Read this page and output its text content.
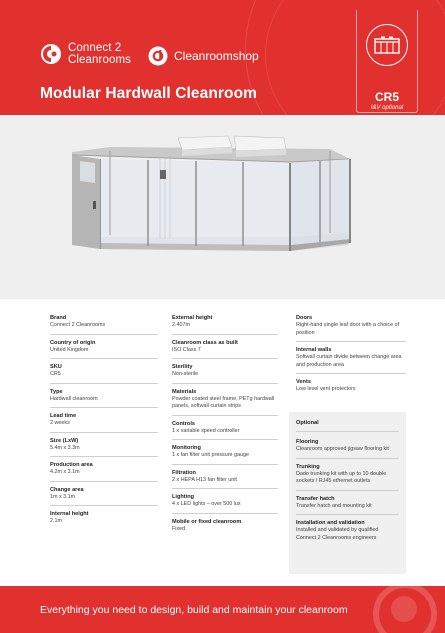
Connect 2
Cleanrooms	Cleanroomshop
Modular Hardwall Cleanroom	CR5
I&V optional
Brand
Connect 2 Cleanrooms
Country of origin
United Kingdom
SKU
CR5
Type
Hardwall cleanroom
Lead time
2 weeks
Size (LxW)
5.4m x 3.3m
Production area
4.2m x 3.1m
Change area
1m x 3.1m
Internal height
2.1m
External height
2.407m
Cleanroom class as built
ISO Class 7
Sterility
Non-sterile
Materials
Powder coated steel frame, PETg hardwall panels, softwall curtain strips
Controls
1 x variable speed controller
Monitoring
1 x fan filter unit pressure gauge
Filtration
2 x HEPA H13 fan filter unit
Lighting
4 x LED lights – over 500 lux
Mobile or fixed cleanroom
Fixed
Doors
Right-hand single leaf door with a choice of position
Internal walls
Softwall curtain divide between change area and production area
Vents
Low level vent protectors
Optional
Flooring
Cleanroom approved jigsaw flooring kit
Trunking
Dado trunking kit with up to 10 double sockets / RJ45 ethernet outlets
Transfer hatch
Transfer hatch and mounting kit
Installation and validation
Installed and validated by qualified Connect 2 Cleanrooms engineers
Everything you need to design, build and maintain your cleanroom
